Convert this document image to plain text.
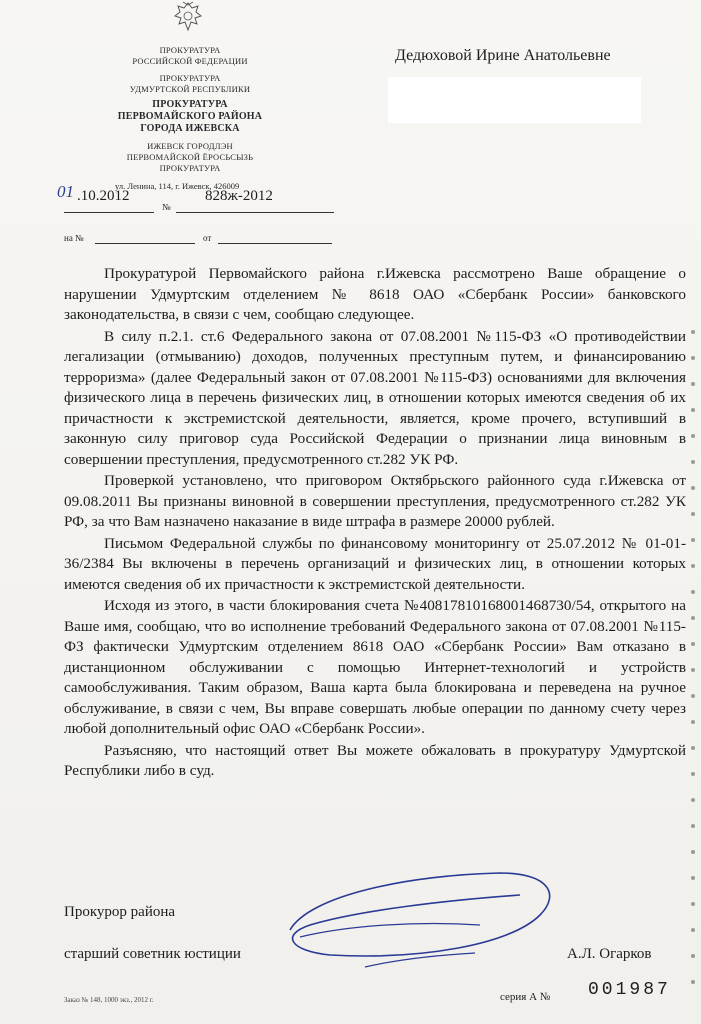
ПРОКУРАТУРА
РОССИЙСКОЙ ФЕДЕРАЦИИ
ПРОКУРАТУРА
УДМУРТСКОЙ РЕСПУБЛИКИ
ПРОКУРАТУРА
ПЕРВОМАЙСКОГО РАЙОНА
ГОРОДА ИЖЕВСКА
ИЖЕВСК ГОРОДЛЭН
ПЕРВОМАЙСКОЙ ЁРОСЬСЫЗЬ
ПРОКУРАТУРА
ул. Ленина, 114, г. Ижевск, 426009
Дедюховой Ирине Анатольевне
01 .10.2012
№
828ж-2012
на №	от

Прокуратурой Первомайского района г.Ижевска рассмотрено Ваше обращение о нарушении Удмуртским отделением № 8618 ОАО «Сбербанк России» банковского законодательства, в связи с чем, сообщаю следующее.

В силу п.2.1. ст.6 Федерального закона от 07.08.2001 №115-ФЗ «О противодействии легализации (отмыванию) доходов, полученных преступным путем, и финансированию терроризма» (далее Федеральный закон от 07.08.2001 №115-ФЗ) основаниями для включения физического лица в перечень физических лиц, в отношении которых имеются сведения об их причастности к экстремистской деятельности, является, кроме прочего, вступивший в законную силу приговор суда Российской Федерации о признании лица виновным в совершении преступления, предусмотренного ст.282 УК РФ.

Проверкой установлено, что приговором Октябрьского районного суда г.Ижевска от 09.08.2011 Вы признаны виновной в совершении преступления, предусмотренного ст.282 УК РФ, за что Вам назначено наказание в виде штрафа в размере 20000 рублей.

Письмом Федеральной службы по финансовому мониторингу от 25.07.2012 № 01-01-36/2384 Вы включены в перечень организаций и физических лиц, в отношении которых имеются сведения об их причастности к экстремистской деятельности.

Исходя из этого, в части блокирования счета №40817810168001468730/54, открытого на Ваше имя, сообщаю, что во исполнение требований Федерального закона от 07.08.2001 №115-ФЗ фактически Удмуртским отделением 8618 ОАО «Сбербанк России» Вам отказано в дистанционном обслуживании с помощью Интернет-технологий и устройств самообслуживания. Таким образом, Ваша карта была блокирована и переведена на ручное обслуживание, в связи с чем, Вы вправе совершать любые операции по данному счету через любой дополнительный офис ОАО «Сбербанк России».

Разъясняю, что настоящий ответ Вы можете обжаловать в прокуратуру Удмуртской Республики либо в суд.

Прокурор района
старший советник юстиции	А.Л. Огарков
Заказ № 148, 1000 экз., 2012 г.	серия А № 001987
